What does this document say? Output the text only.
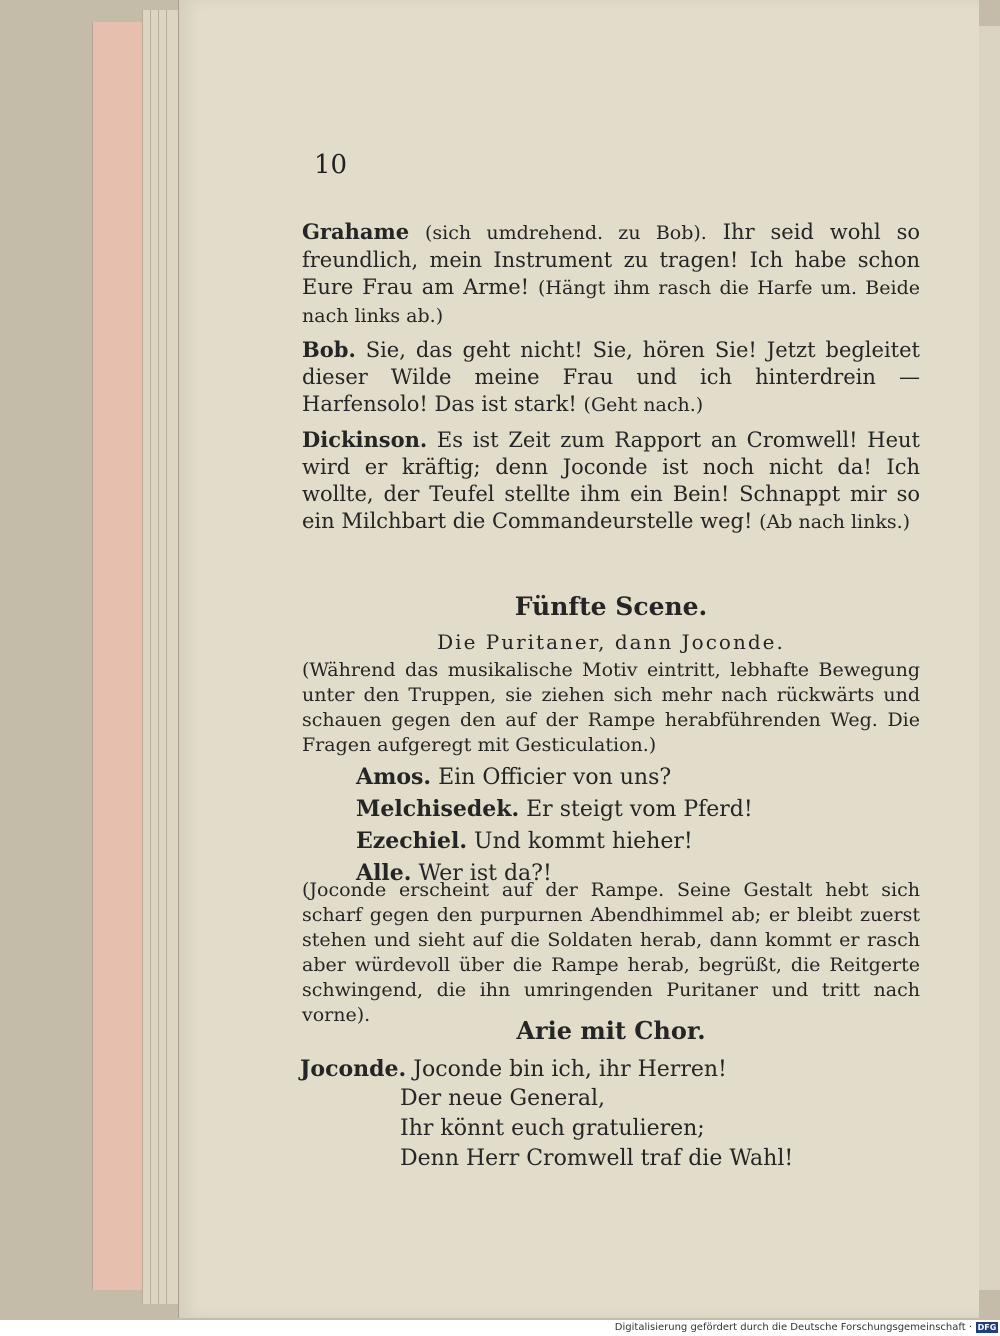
10
Grahame (sich umdrehend. zu Bob). Ihr seid wohl so freundlich, mein Instrument zu tragen! Ich habe schon Eure Frau am Arme! (Hängt ihm rasch die Harfe um. Beide nach links ab.)
Bob. Sie, das geht nicht! Sie, hören Sie! Jetzt begleitet dieser Wilde meine Frau und ich hinterdrein — Harfensolo! Das ist stark! (Geht nach.)
Dickinson. Es ist Zeit zum Rapport an Cromwell! Heut wird er kräftig; denn Joconde ist noch nicht da! Ich wollte, der Teufel stellte ihm ein Bein! Schnappt mir so ein Milchbart die Commandeurstelle weg! (Ab nach links.)
Fünfte Scene.
Die Puritaner, dann Joconde.
(Während das musikalische Motiv eintritt, lebhafte Bewegung unter den Truppen, sie ziehen sich mehr nach rückwärts und schauen gegen den auf der Rampe herabführenden Weg. Die Fragen aufgeregt mit Gesticulation.)
Amos. Ein Officier von uns?
Melchisedek. Er steigt vom Pferd!
Ezechiel. Und kommt hieher!
Alle. Wer ist da?!
(Joconde erscheint auf der Rampe. Seine Gestalt hebt sich scharf gegen den purpurnen Abendhimmel ab; er bleibt zuerst stehen und sieht auf die Soldaten herab, dann kommt er rasch aber würdevoll über die Rampe herab, begrüßt, die Reitgerte schwingend, die ihn umringenden Puritaner und tritt nach vorne).
Arie mit Chor.
Joconde. Joconde bin ich, ihr Herren!
Der neue General,
Ihr könnt euch gratulieren;
Denn Herr Cromwell traf die Wahl!
Digitalisierung gefördert durch die Deutsche Forschungsgemeinschaft · DFG
